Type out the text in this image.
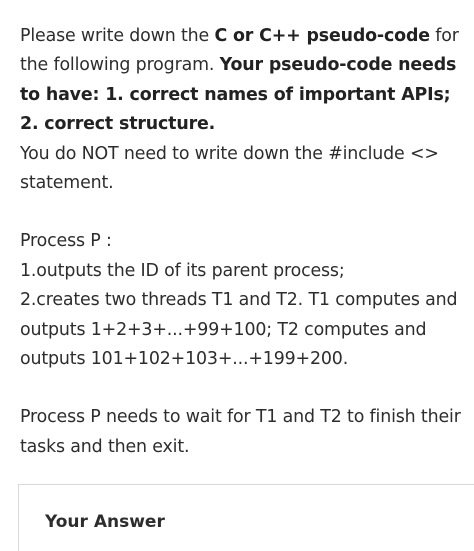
Please write down the C or C++ pseudo-code for the following program. Your pseudo-code needs to have: 1. correct names of important APIs; 2. correct structure.

You do NOT need to write down the #include <> statement.

Process P :

1.outputs the ID of its parent process;

2.creates two threads T1 and T2. T1 computes and outputs 1+2+3+...+99+100; T2 computes and outputs 101+102+103+...+199+200.

Process P needs to wait for T1 and T2 to finish their tasks and then exit.

Your Answer
